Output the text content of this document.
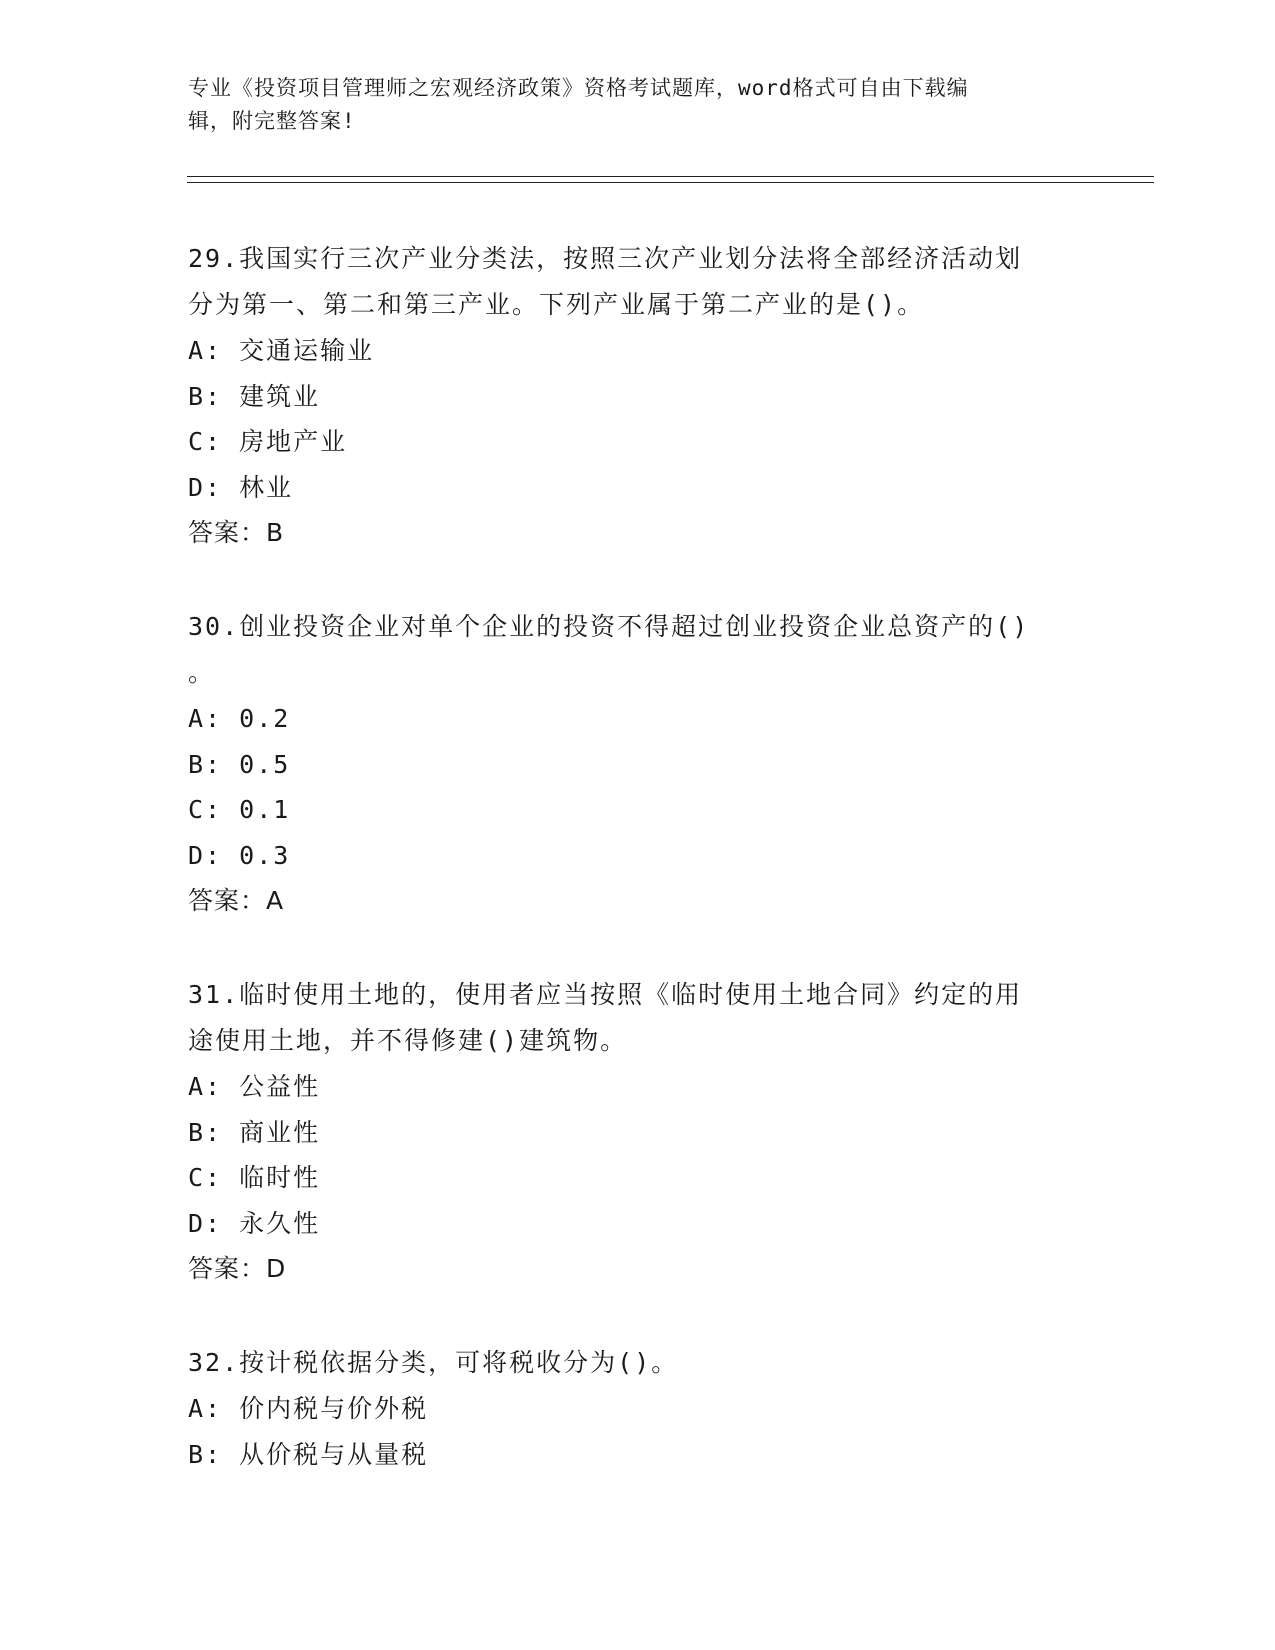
专业《投资项目管理师之宏观经济政策》资格考试题库，word格式可自由下载编
辑，附完整答案!
29.我国实行三次产业分类法，按照三次产业划分法将全部经济活动划
分为第一、第二和第三产业。下列产业属于第二产业的是()。
A: 交通运输业
B: 建筑业
C: 房地产业
D: 林业
答案：B
30.创业投资企业对单个企业的投资不得超过创业投资企业总资产的()
。
A: 0.2
B: 0.5
C: 0.1
D: 0.3
答案：A
31.临时使用土地的，使用者应当按照《临时使用土地合同》约定的用
途使用土地，并不得修建()建筑物。
A: 公益性
B: 商业性
C: 临时性
D: 永久性
答案：D
32.按计税依据分类，可将税收分为()。
A: 价内税与价外税
B: 从价税与从量税
